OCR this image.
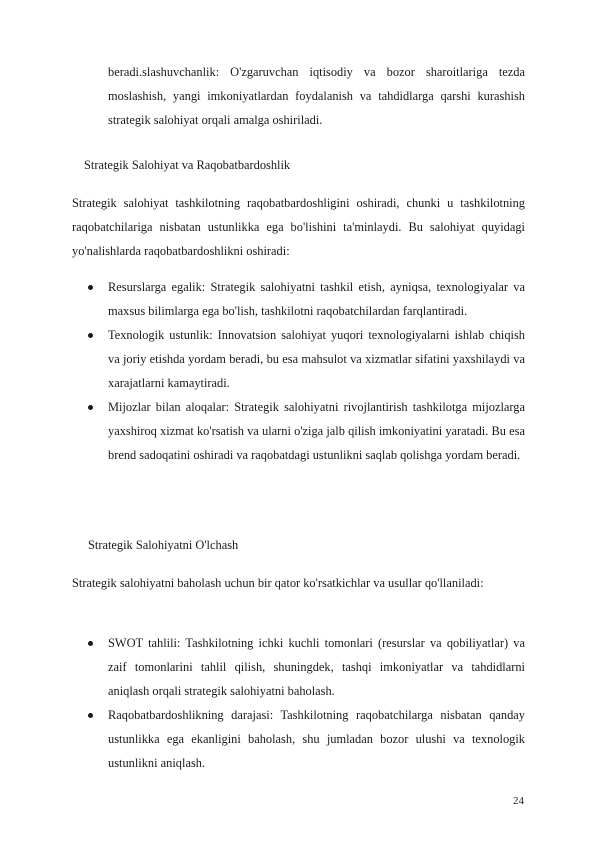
beradi.slashuvchanlik: O'zgaruvchan iqtisodiy va bozor sharoitlariga tezda moslashish, yangi imkoniyatlardan foydalanish va tahdidlarga qarshi kurashish strategik salohiyat orqali amalga oshiriladi.

Strategik Salohiyat va Raqobatbardoshlik

Strategik salohiyat tashkilotning raqobatbardoshligini oshiradi, chunki u tashkilotning raqobatchilariga nisbatan ustunlikka ega bo'lishini ta'minlaydi. Bu salohiyat quyidagi yo'nalishlarda raqobatbardoshlikni oshiradi:

Resurslarga egalik: Strategik salohiyatni tashkil etish, ayniqsa, texnologiyalar va maxsus bilimlarga ega bo'lish, tashkilotni raqobatchilardan farqlantiradi.
Texnologik ustunlik: Innovatsion salohiyat yuqori texnologiyalarni ishlab chiqish va joriy etishda yordam beradi, bu esa mahsulot va xizmatlar sifatini yaxshilaydi va xarajatlarni kamaytiradi.
Mijozlar bilan aloqalar: Strategik salohiyatni rivojlantirish tashkilotga mijozlarga yaxshiroq xizmat ko'rsatish va ularni o'ziga jalb qilish imkoniyatini yaratadi. Bu esa brend sadoqatini oshiradi va raqobatdagi ustunlikni saqlab qolishga yordam beradi.

Strategik Salohiyatni O'lchash

Strategik salohiyatni baholash uchun bir qator ko'rsatkichlar va usullar qo'llaniladi:

SWOT tahlili: Tashkilotning ichki kuchli tomonlari (resurslar va qobiliyatlar) va zaif tomonlarini tahlil qilish, shuningdek, tashqi imkoniyatlar va tahdidlarni aniqlash orqali strategik salohiyatni baholash.
Raqobatbardoshlikning darajasi: Tashkilotning raqobatchilarga nisbatan qanday ustunlikka ega ekanligini baholash, shu jumladan bozor ulushi va texnologik ustunlikni aniqlash.

24
